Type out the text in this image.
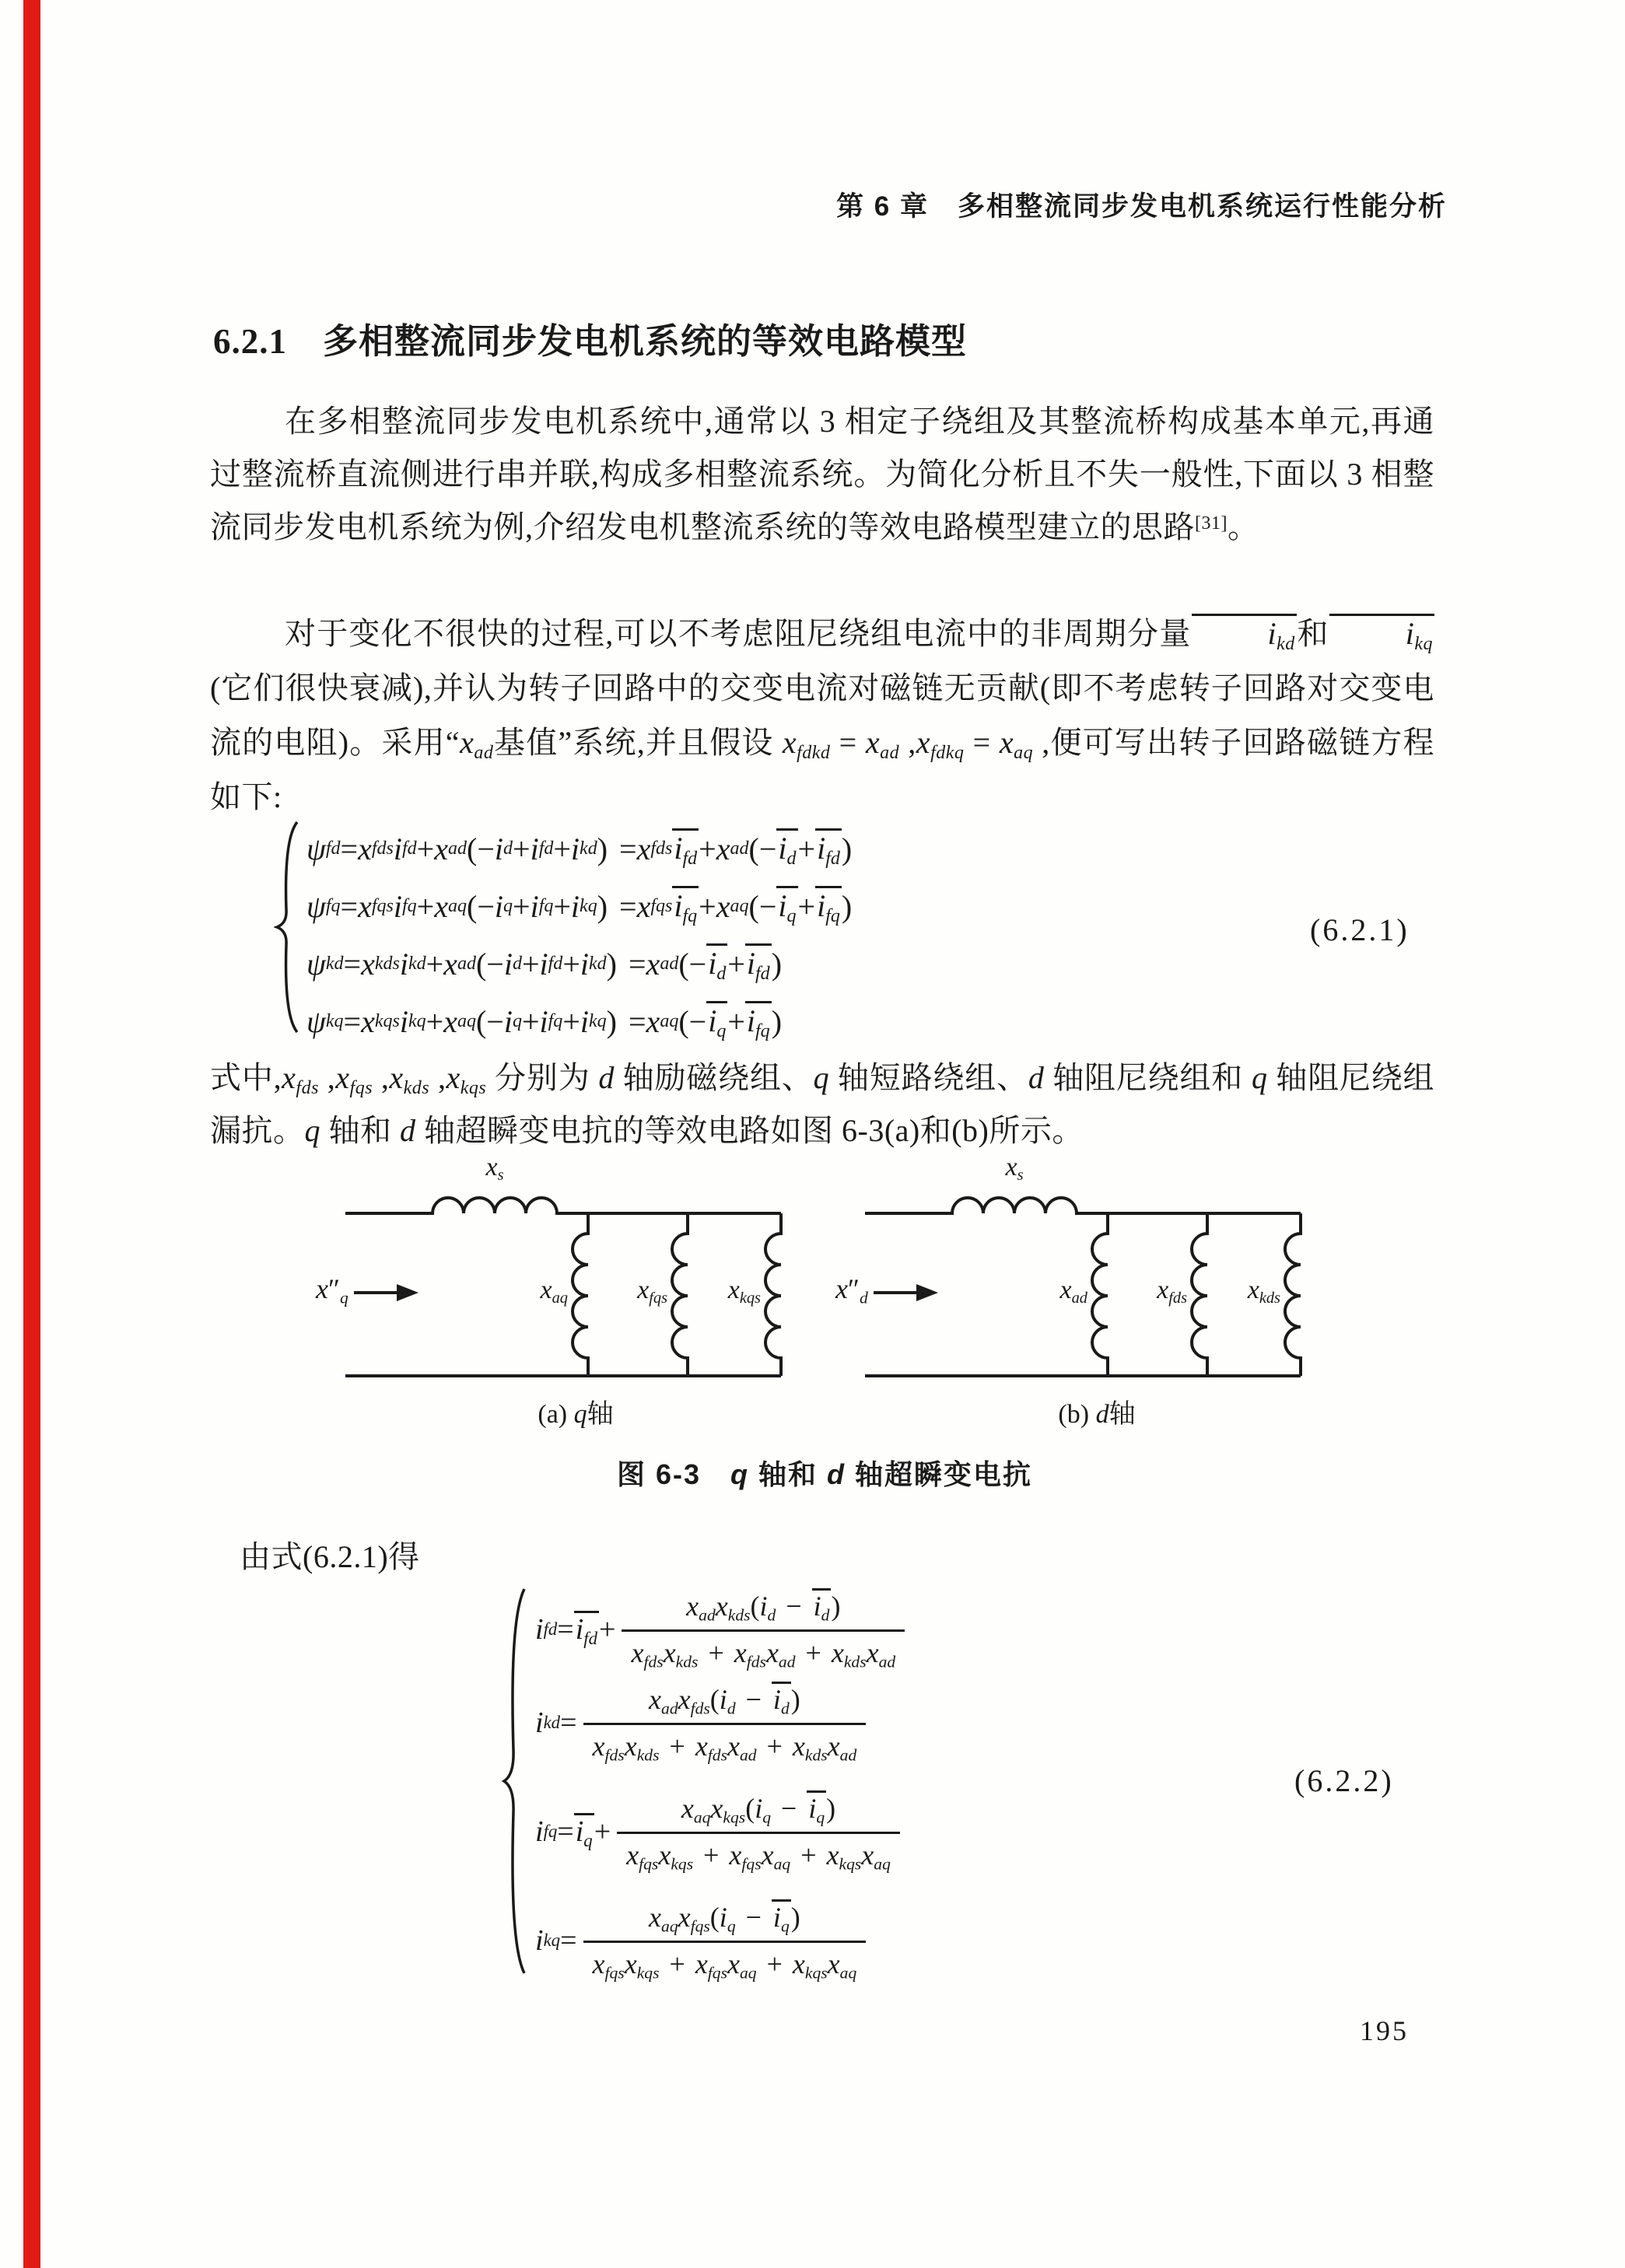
第 6 章　多相整流同步发电机系统运行性能分析
6.2.1 多相整流同步发电机系统的等效电路模型
在多相整流同步发电机系统中,通常以 3 相定子绕组及其整流桥构成基本单元,再通过整流桥直流侧进行串并联,构成多相整流系统。为简化分析且不失一般性,下面以 3 相整流同步发电机系统为例,介绍发电机整流系统的等效电路模型建立的思路[31]。
对于变化不很快的过程,可以不考虑阻尼绕组电流中的非周期分量 $i_{kd}$和 $i_{kq}$(它们很快衰减),并认为转子回路中的交变电流对磁链无贡献(即不考虑转子回路对交变电流的电阻)。采用“$x_{ad}$基值”系统,并且假设 $x_{fdkd} = x_{ad}$ $,x_{fdkq} = x_{aq}$ ,便可写出转子回路磁链方程如下:
ψ fd = x fds i fd + x ad (− i d + i fd + i kd ) = x fds $i_{fd} + x$ ad (− $i_d + i_{fd}$ )
ψ fq = x fqs i fq + x aq (− i q + i fq + i kq ) = x fqs $i_{fq} + x$ aq (− $i_q + i_{fq}$ )
ψ kd = x kds i kd + x ad (− i d + i fd + i kd ) = x ad (− $i_d + i_{fd}$ )
ψ kq = x kqs i kq + x aq (− i q + i fq + i kq ) = x aq (− $i_q + i_{fq}$ )
(6.2.1)
式中$,x_{fds}$ $,x_{fqs}$ $,x_{kds}$ $,x_{kqs}$ 分别为 d 轴励磁绕组、q 轴短路绕组、d 轴阻尼绕组和 q 轴阻尼绕组漏抗。q 轴和 d 轴超瞬变电抗的等效电路如图 6-3(a)和(b)所示。
$x_s$
$x_{aq}$	$x_{fqs}$	$x_{kqs}$
$x''_q$
(a) q轴
$x_s$
$x_{ad}$	$x_{fds}$	$x_{kds}$
$x''_d$
(b) d轴
图 6-3　q 轴和 d 轴超瞬变电抗
由式(6.2.1)得
i fd = $i_{fd} + \frac{x_{ad}x_{kds}(i_d - i_d)}{x_{fds}x_{kds} + x_{fds}x_{ad} + x_{kds}x_{ad}}$
i kd = $\frac{x_{ad}x_{fds}(i_d - i_d)}{x_{fds}x_{kds} + x_{fds}x_{ad} + x_{kds}x_{ad}}$
i fq = $i_q + \frac{x_{aq}x_{kqs}(i_q - i_q)}{x_{fqs}x_{kqs} + x_{fqs}x_{aq} + x_{kqs}x_{aq}}$
i kq = $\frac{x_{aq}x_{fqs}(i_q - i_q)}{x_{fqs}x_{kqs} + x_{fqs}x_{aq} + x_{kqs}x_{aq}}$
(6.2.2)
195
